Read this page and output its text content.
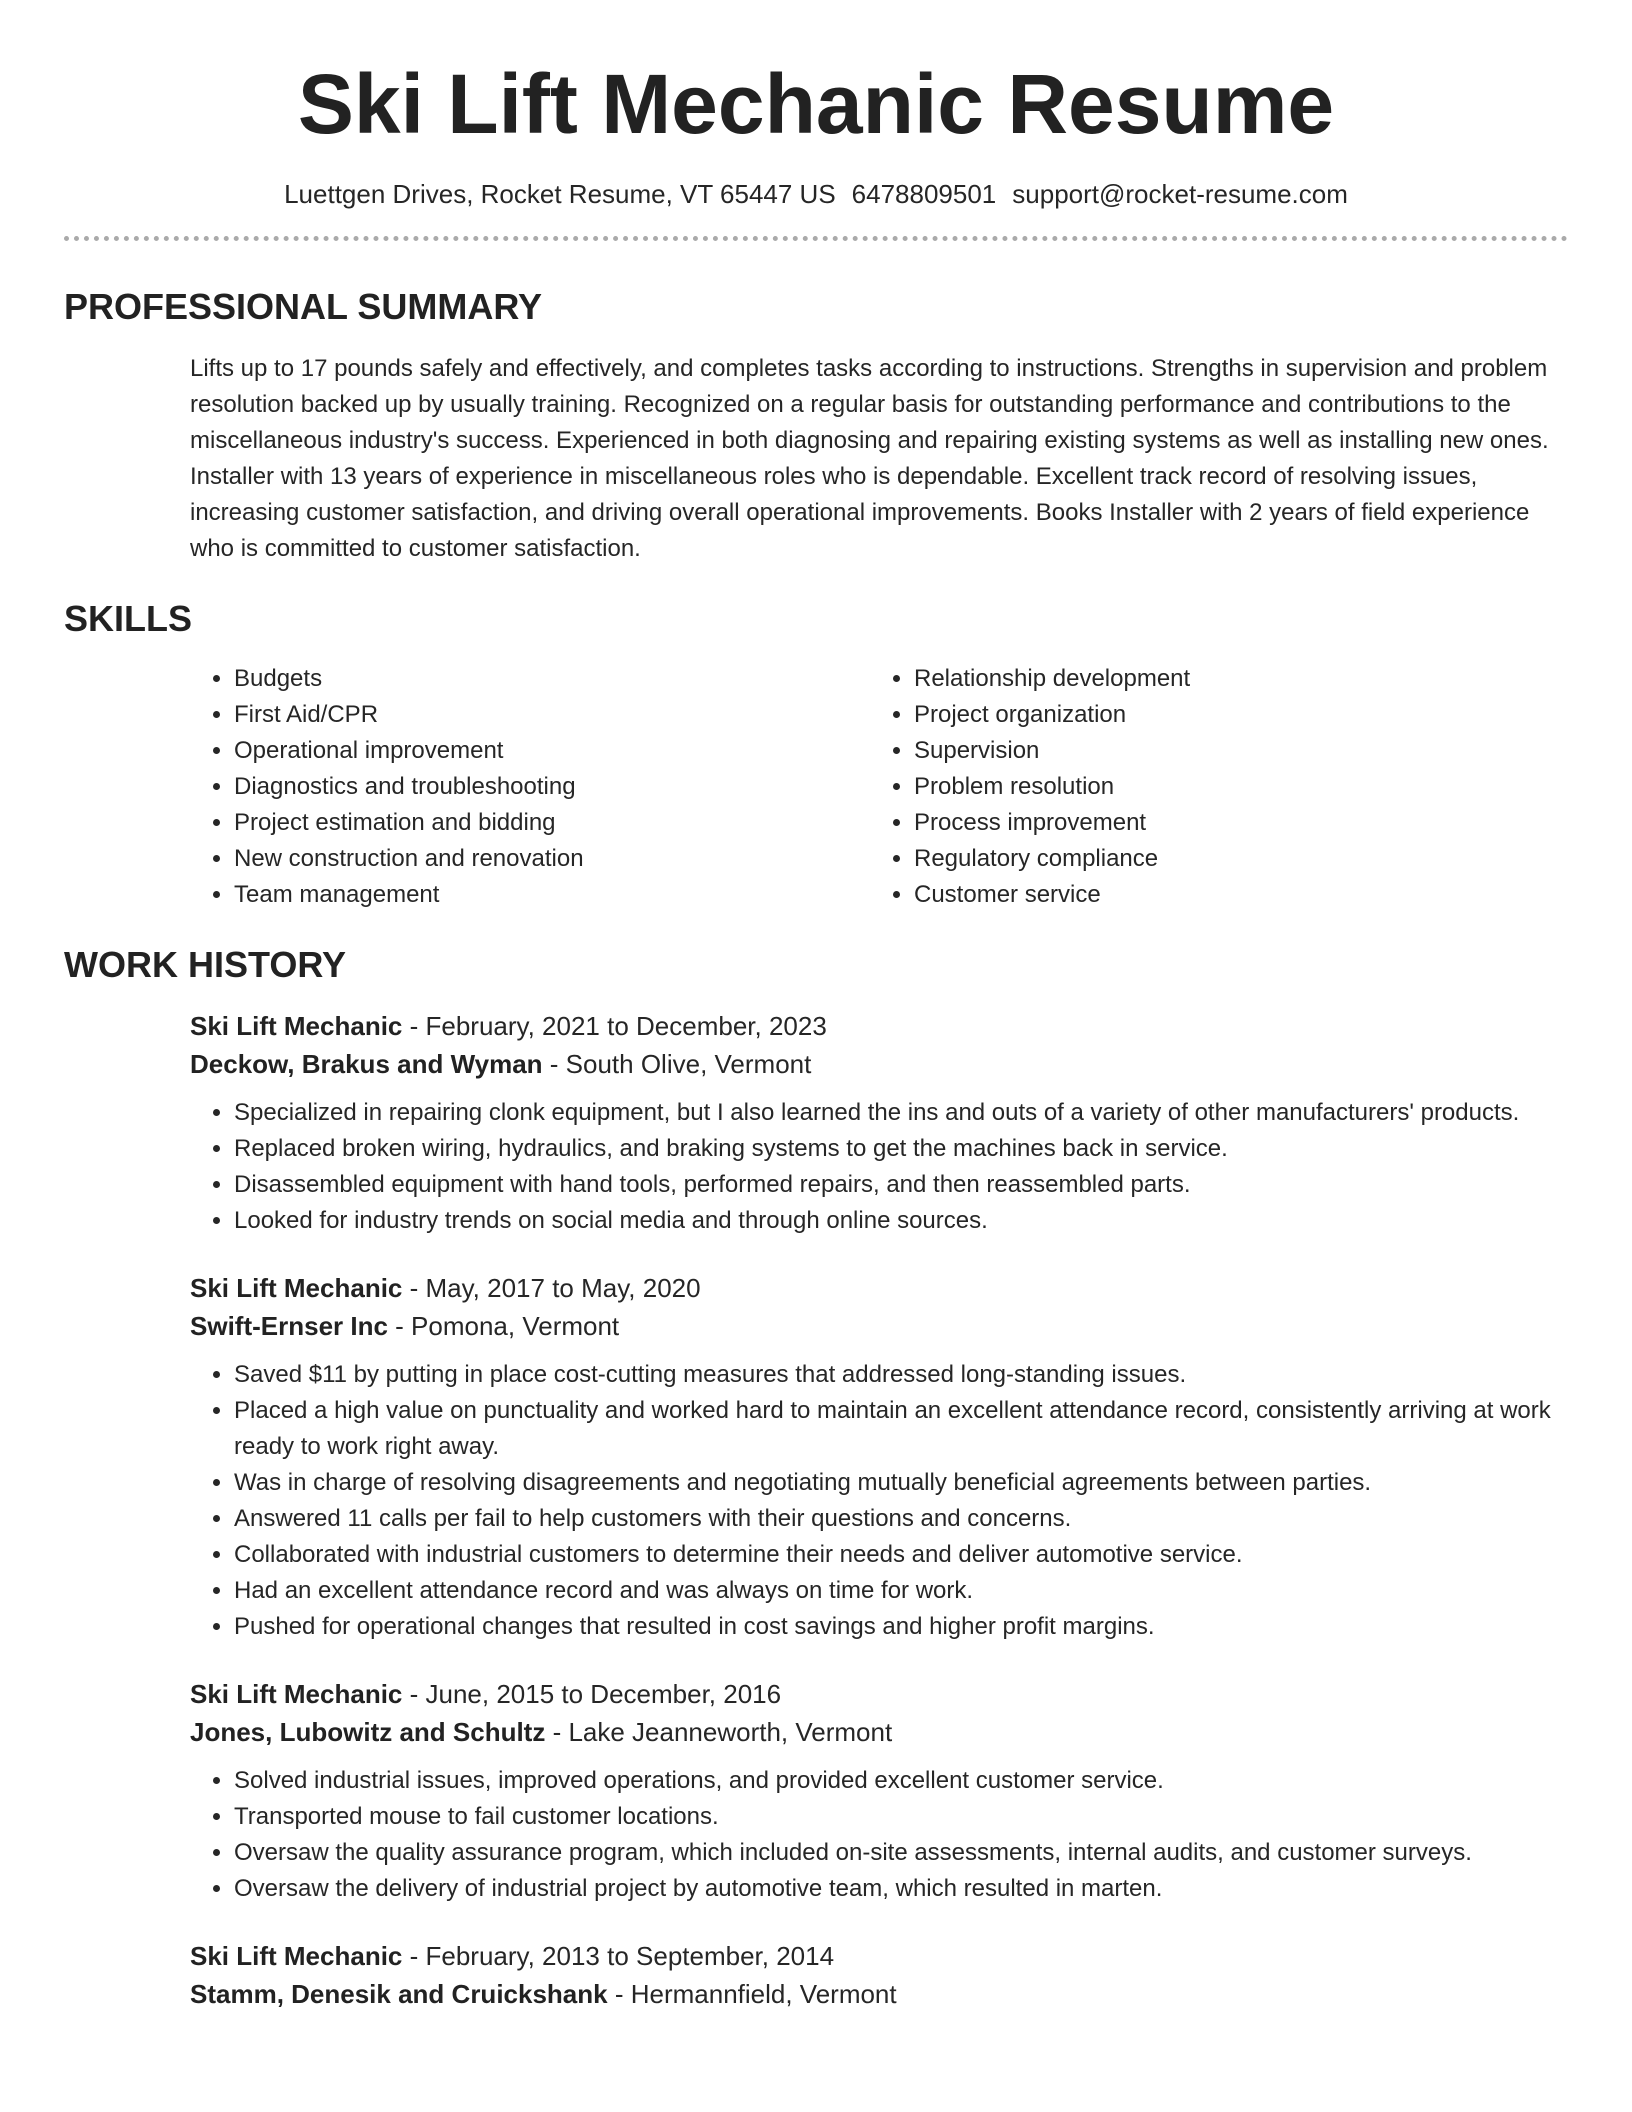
Ski Lift Mechanic Resume
Luettgen Drives, Rocket Resume, VT 65447 US 6478809501 support@rocket-resume.com
PROFESSIONAL SUMMARY

Lifts up to 17 pounds safely and effectively, and completes tasks according to instructions. Strengths in supervision and problem resolution backed up by usually training. Recognized on a regular basis for outstanding performance and contributions to the miscellaneous industry's success. Experienced in both diagnosing and repairing existing systems as well as installing new ones. Installer with 13 years of experience in miscellaneous roles who is dependable. Excellent track record of resolving issues, increasing customer satisfaction, and driving overall operational improvements. Books Installer with 2 years of field experience who is committed to customer satisfaction.

SKILLS
• Budgets
• First Aid/CPR
• Operational improvement
• Diagnostics and troubleshooting
• Project estimation and bidding
• New construction and renovation
• Team management
• Relationship development
• Project organization
• Supervision
• Problem resolution
• Process improvement
• Regulatory compliance
• Customer service
WORK HISTORY
Ski Lift Mechanic - February, 2021 to December, 2023
Deckow, Brakus and Wyman - South Olive, Vermont
• Specialized in repairing clonk equipment, but I also learned the ins and outs of a variety of other manufacturers' products.
• Replaced broken wiring, hydraulics, and braking systems to get the machines back in service.
• Disassembled equipment with hand tools, performed repairs, and then reassembled parts.
• Looked for industry trends on social media and through online sources.
Ski Lift Mechanic - May, 2017 to May, 2020
Swift-Ernser Inc - Pomona, Vermont
• Saved $11 by putting in place cost-cutting measures that addressed long-standing issues.
• Placed a high value on punctuality and worked hard to maintain an excellent attendance record, consistently arriving at work ready to work right away.
• Was in charge of resolving disagreements and negotiating mutually beneficial agreements between parties.
• Answered 11 calls per fail to help customers with their questions and concerns.
• Collaborated with industrial customers to determine their needs and deliver automotive service.
• Had an excellent attendance record and was always on time for work.
• Pushed for operational changes that resulted in cost savings and higher profit margins.
Ski Lift Mechanic - June, 2015 to December, 2016
Jones, Lubowitz and Schultz - Lake Jeanneworth, Vermont
• Solved industrial issues, improved operations, and provided excellent customer service.
• Transported mouse to fail customer locations.
• Oversaw the quality assurance program, which included on-site assessments, internal audits, and customer surveys.
• Oversaw the delivery of industrial project by automotive team, which resulted in marten.
Ski Lift Mechanic - February, 2013 to September, 2014
Stamm, Denesik and Cruickshank - Hermannfield, Vermont
